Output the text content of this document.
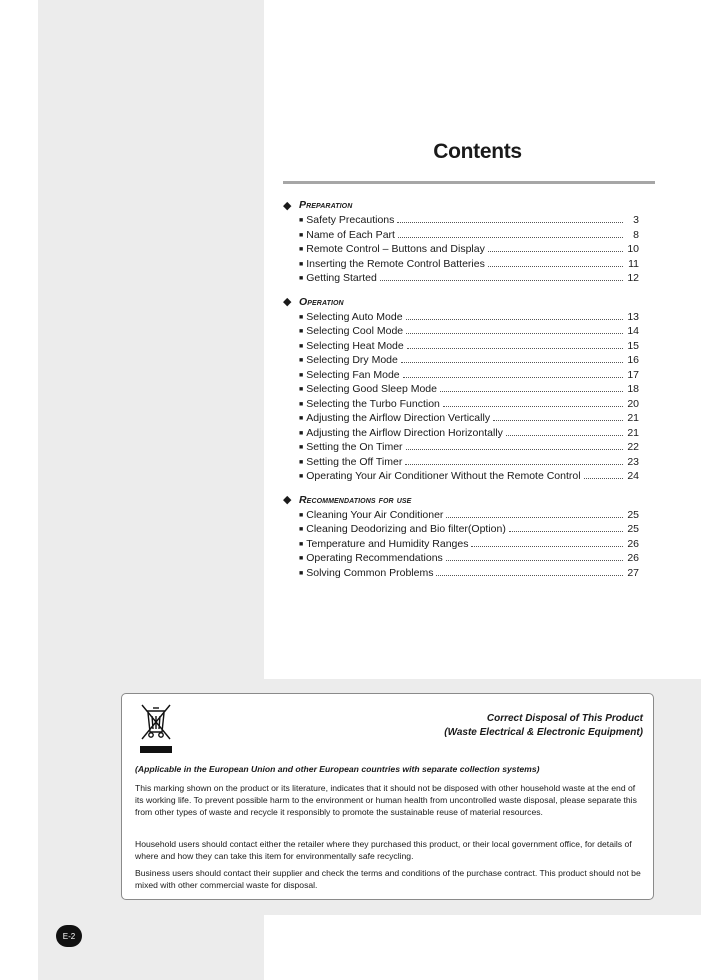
Contents
◆ Preparation
■ Safety Precautions	3
■ Name of Each Part	8
■ Remote Control – Buttons and Display	10
■ Inserting the Remote Control Batteries	11
■ Getting Started	12
◆ Operation
■ Selecting Auto Mode	13
■ Selecting Cool Mode	14
■ Selecting Heat Mode	15
■ Selecting Dry Mode	16
■ Selecting Fan Mode	17
■ Selecting Good Sleep Mode	18
■ Selecting the Turbo Function	20
■ Adjusting the Airflow Direction Vertically	21
■ Adjusting the Airflow Direction Horizontally	21
■ Setting the On Timer	22
■ Setting the Off Timer	23
■ Operating Your Air Conditioner Without the Remote Control	24
◆ Recommendations for use
■ Cleaning Your Air Conditioner	25
■ Cleaning Deodorizing and Bio filter(Option)	25
■ Temperature and Humidity Ranges	26
■ Operating Recommendations	26
■ Solving Common Problems	27
Correct Disposal of This Product
(Waste Electrical & Electronic Equipment)
(Applicable in the European Union and other European countries with separate collection systems)
This marking shown on the product or its literature, indicates that it should not be disposed with other household waste at the end of its working life. To prevent possible harm to the environment or human health from uncontrolled waste disposal, please separate this from other types of waste and recycle it responsibly to promote the sustainable reuse of material resources.
Household users should contact either the retailer where they purchased this product, or their local government office, for details of where and how they can take this item for environmentally safe recycling.
Business users should contact their supplier and check the terms and conditions of the purchase contract. This product should not be mixed with other commercial waste for disposal.
E-2
